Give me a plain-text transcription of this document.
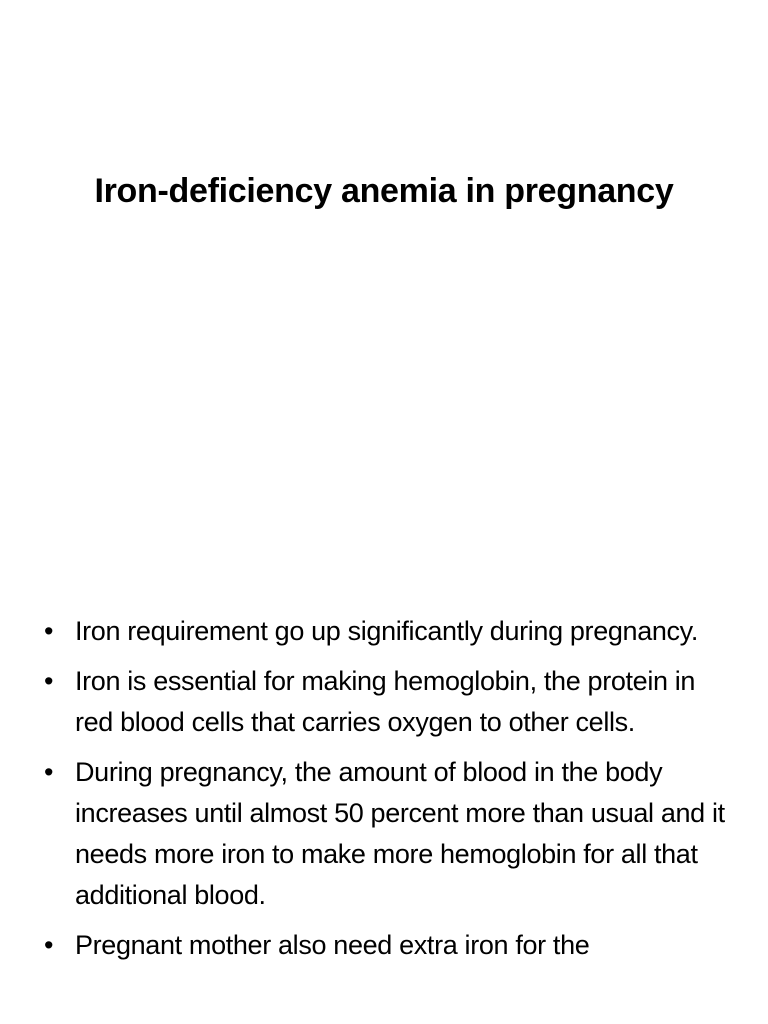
Iron-deficiency anemia in pregnancy
• Iron requirement go up significantly during pregnancy.
• Iron is essential for making hemoglobin, the protein in red blood cells that carries oxygen to other cells.
• During pregnancy, the amount of blood in the body increases until almost 50 percent more than usual and it needs more iron to make more hemoglobin for all that additional blood.
• Pregnant mother also need extra iron for the
